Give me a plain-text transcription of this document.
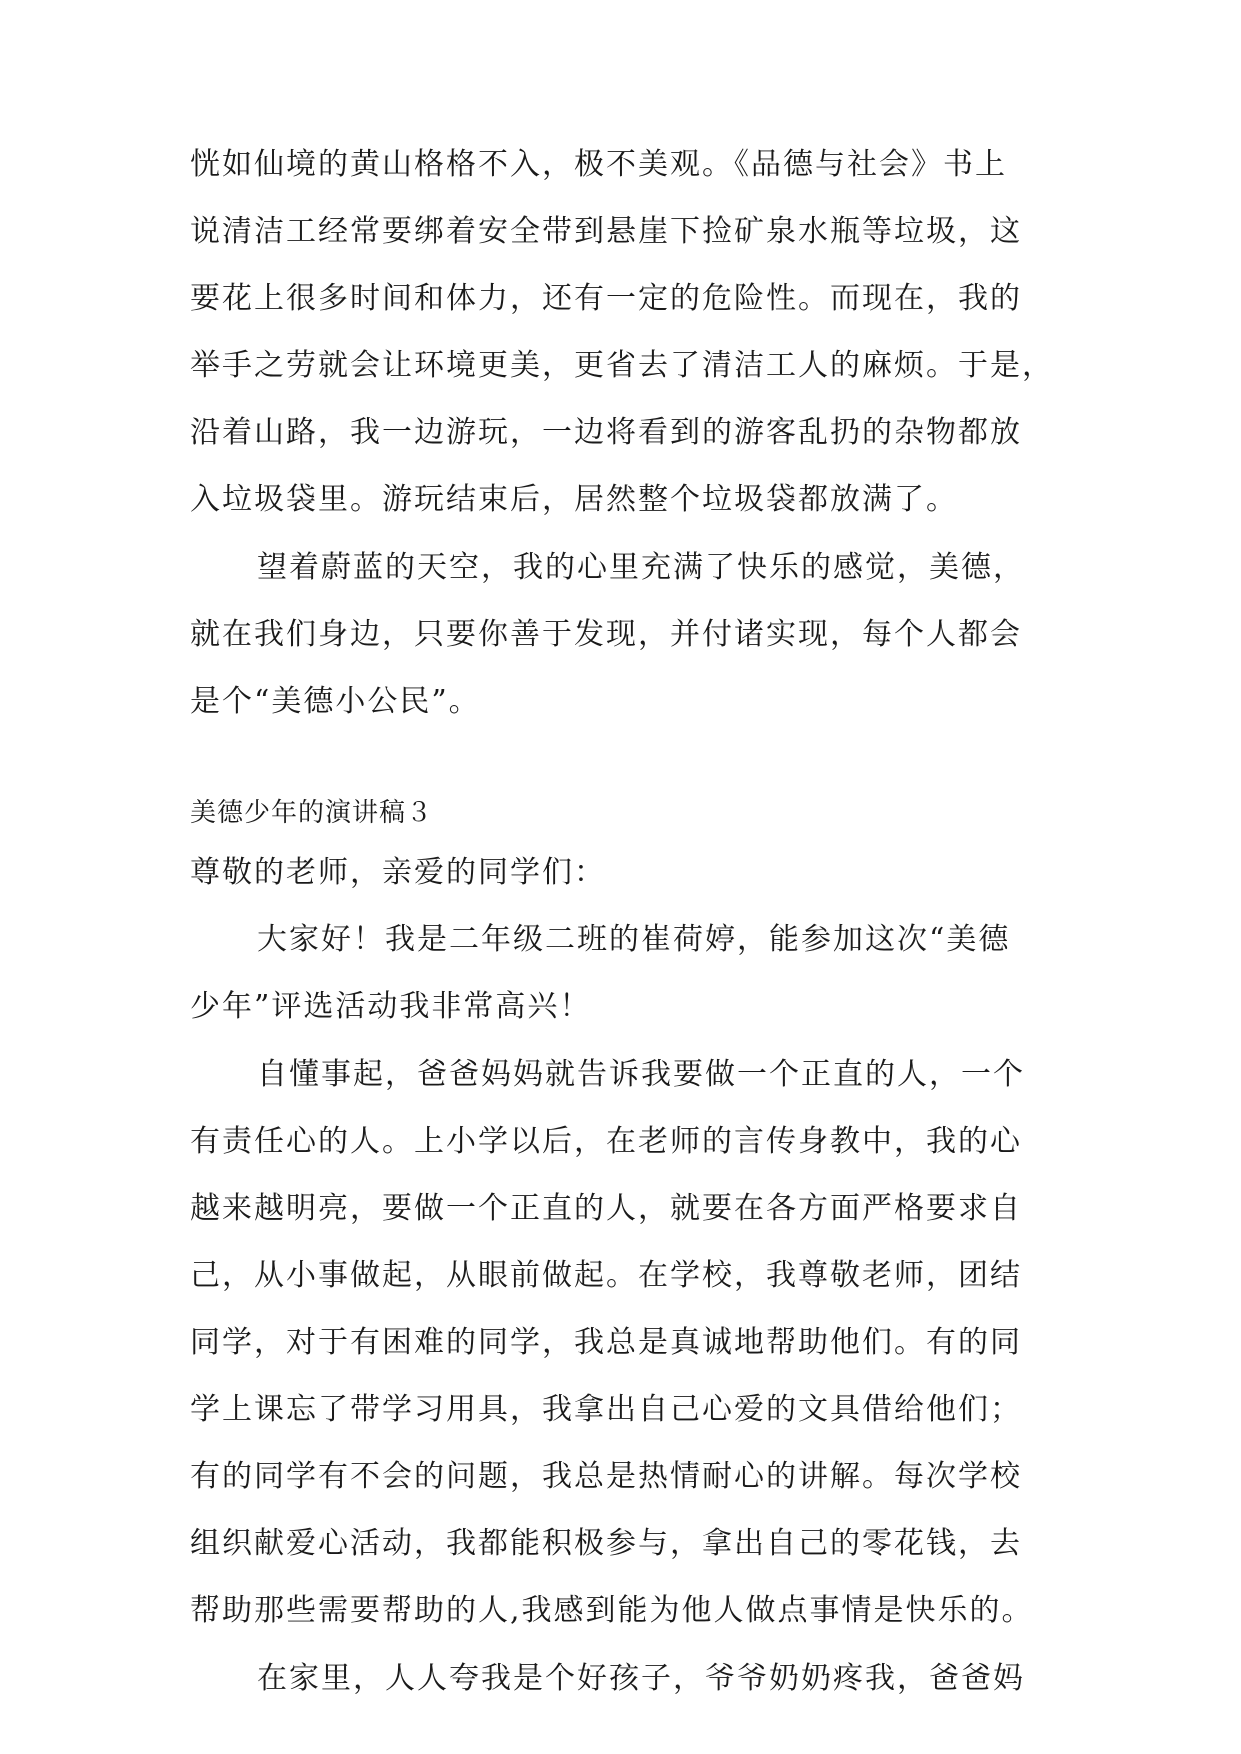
恍如仙境的黄山格格不入，极不美观。《品德与社会》书上
说清洁工经常要绑着安全带到悬崖下捡矿泉水瓶等垃圾，这
要花上很多时间和体力，还有一定的危险性。而现在，我的
举手之劳就会让环境更美，更省去了清洁工人的麻烦。于是，
沿着山路，我一边游玩，一边将看到的游客乱扔的杂物都放
入垃圾袋里。游玩结束后，居然整个垃圾袋都放满了。
望着蔚蓝的天空，我的心里充满了快乐的感觉，美德，
就在我们身边，只要你善于发现，并付诸实现，每个人都会
是个“美德小公民”。
美德少年的演讲稿３
尊敬的老师，亲爱的同学们：
大家好！我是二年级二班的崔荷婷，能参加这次“美德
少年”评选活动我非常高兴！
自懂事起，爸爸妈妈就告诉我要做一个正直的人，一个
有责任心的人。上小学以后，在老师的言传身教中，我的心
越来越明亮，要做一个正直的人，就要在各方面严格要求自
己，从小事做起，从眼前做起。在学校，我尊敬老师，团结
同学，对于有困难的同学，我总是真诚地帮助他们。有的同
学上课忘了带学习用具，我拿出自己心爱的文具借给他们；
有的同学有不会的问题，我总是热情耐心的讲解。每次学校
组织献爱心活动，我都能积极参与，拿出自己的零花钱，去
帮助那些需要帮助的人,我感到能为他人做点事情是快乐的。
在家里，人人夸我是个好孩子，爷爷奶奶疼我，爸爸妈
